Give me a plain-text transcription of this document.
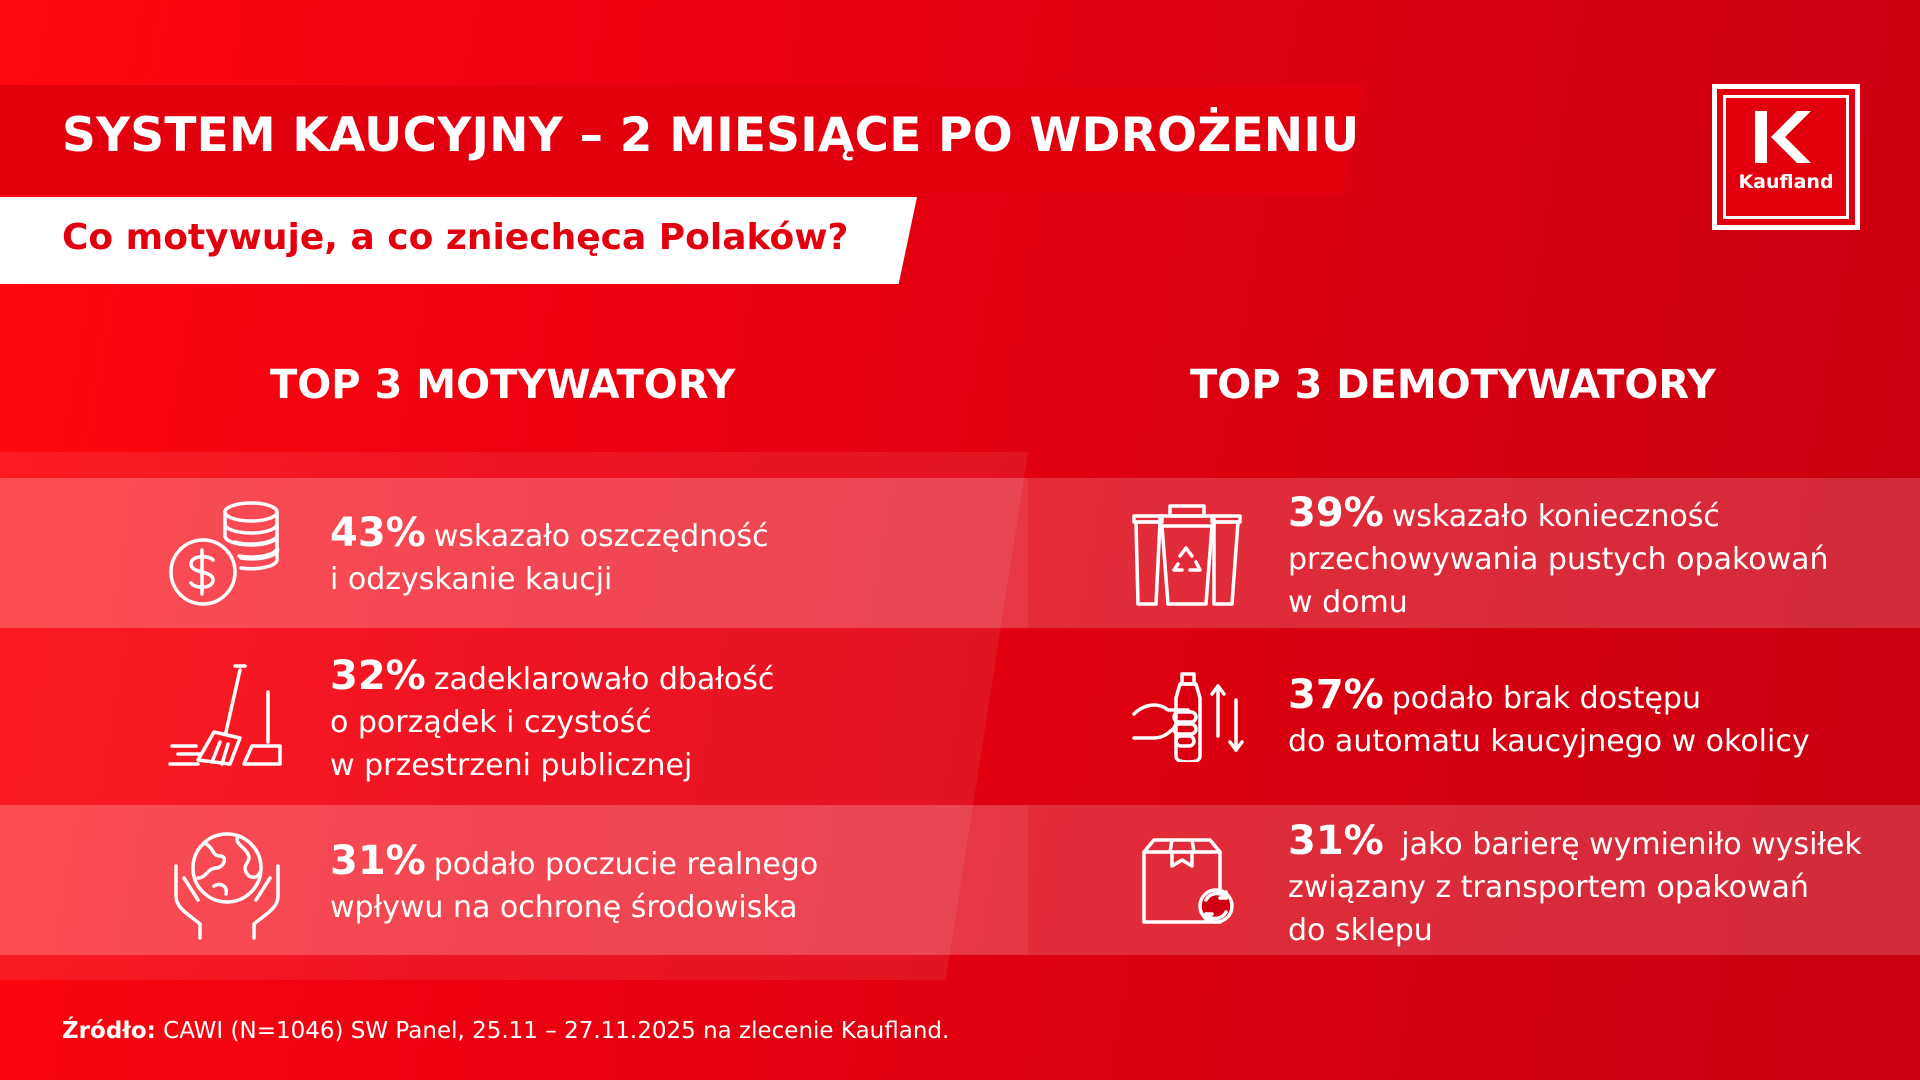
SYSTEM KAUCYJNY – 2 MIESIĄCE PO WDROŻENIU
Co motywuje, a co zniechęca Polaków?
Kaufland
TOP 3 MOTYWATORY	TOP 3 DEMOTYWATORY
43% wskazało oszczędność
i odzyskanie kaucji
32% zadeklarowało dbałość
o porządek i czystość
w przestrzeni publicznej
31% podało poczucie realnego
wpływu na ochronę środowiska
39% wskazało konieczność
przechowywania pustych opakowań
w domu
37% podało brak dostępu
do automatu kaucyjnego w okolicy
31% jako barierę wymieniło wysiłek
związany z transportem opakowań
do sklepu
Źródło: CAWI (N=1046) SW Panel, 25.11 – 27.11.2025 na zlecenie Kaufland.
